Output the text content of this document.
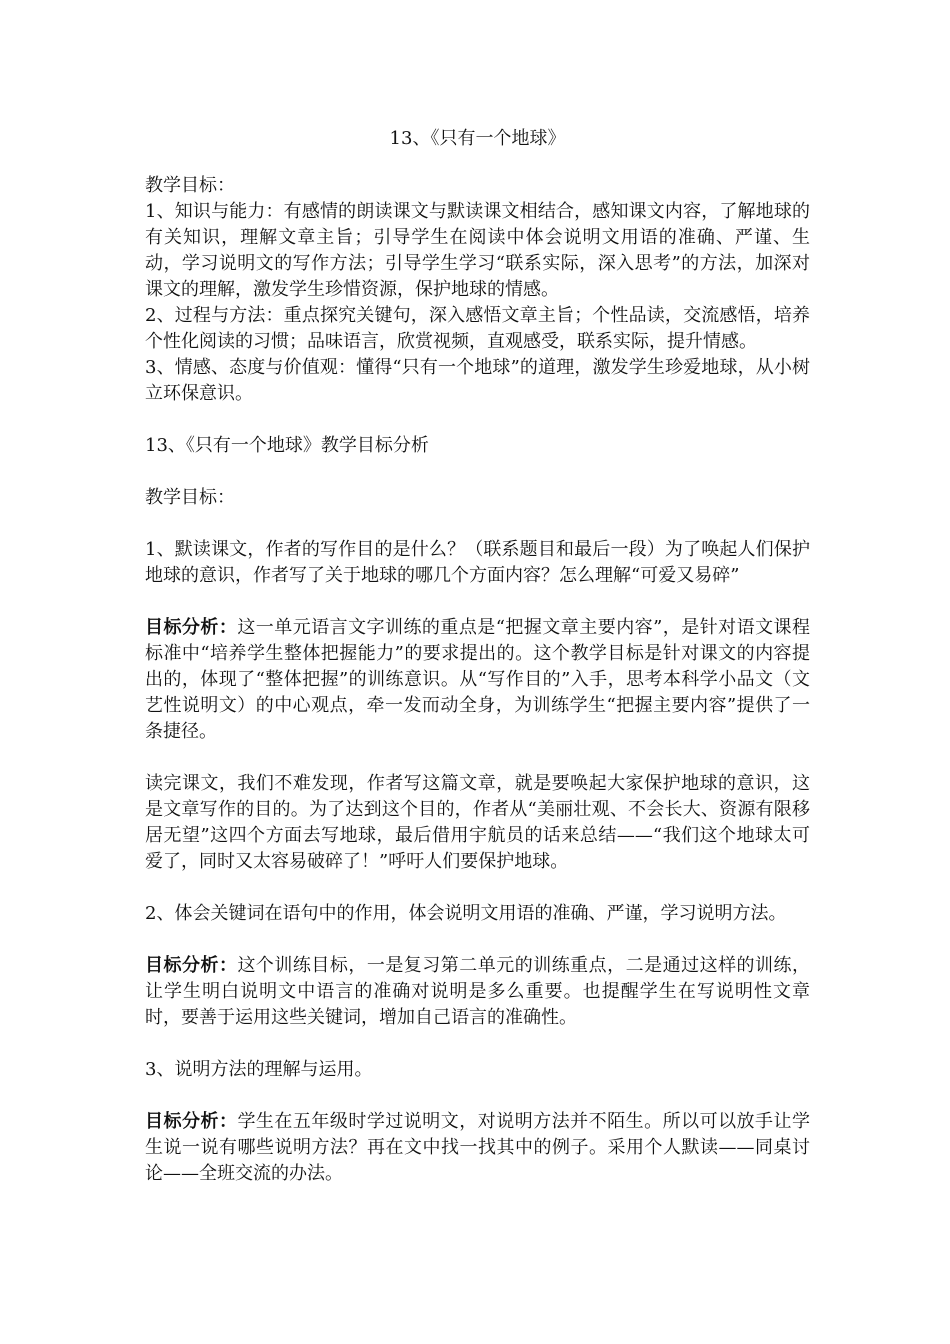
13、《只有一个地球》

教学目标：

1、知识与能力：有感情的朗读课文与默读课文相结合，感知课文内容，了解地球的有关知识，理解文章主旨；引导学生在阅读中体会说明文用语的准确、严谨、生动，学习说明文的写作方法；引导学生学习“联系实际，深入思考”的方法，加深对课文的理解，激发学生珍惜资源，保护地球的情感。

2、过程与方法：重点探究关键句，深入感悟文章主旨；个性品读，交流感悟，培养个性化阅读的习惯；品味语言，欣赏视频，直观感受，联系实际，提升情感。

3、情感、态度与价值观：懂得“只有一个地球”的道理，激发学生珍爱地球，从小树立环保意识。

13、《只有一个地球》教学目标分析

教学目标：

1、默读课文，作者的写作目的是什么？（联系题目和最后一段）为了唤起人们保护地球的意识，作者写了关于地球的哪几个方面内容？怎么理解“可爱又易碎”

目标分析：这一单元语言文字训练的重点是“把握文章主要内容”，是针对语文课程标准中“培养学生整体把握能力”的要求提出的。这个教学目标是针对课文的内容提出的，体现了“整体把握”的训练意识。从“写作目的”入手，思考本科学小品文（文艺性说明文）的中心观点，牵一发而动全身，为训练学生“把握主要内容”提供了一条捷径。

读完课文，我们不难发现，作者写这篇文章，就是要唤起大家保护地球的意识，这是文章写作的目的。为了达到这个目的，作者从“美丽壮观、不会长大、资源有限移居无望”这四个方面去写地球，最后借用宇航员的话来总结——“我们这个地球太可爱了，同时又太容易破碎了！”呼吁人们要保护地球。

2、体会关键词在语句中的作用，体会说明文用语的准确、严谨，学习说明方法。

目标分析：这个训练目标，一是复习第二单元的训练重点，二是通过这样的训练，让学生明白说明文中语言的准确对说明是多么重要。也提醒学生在写说明性文章时，要善于运用这些关键词，增加自己语言的准确性。

3、说明方法的理解与运用。

目标分析：学生在五年级时学过说明文，对说明方法并不陌生。所以可以放手让学生说一说有哪些说明方法？再在文中找一找其中的例子。采用个人默读——同桌讨论——全班交流的办法。
